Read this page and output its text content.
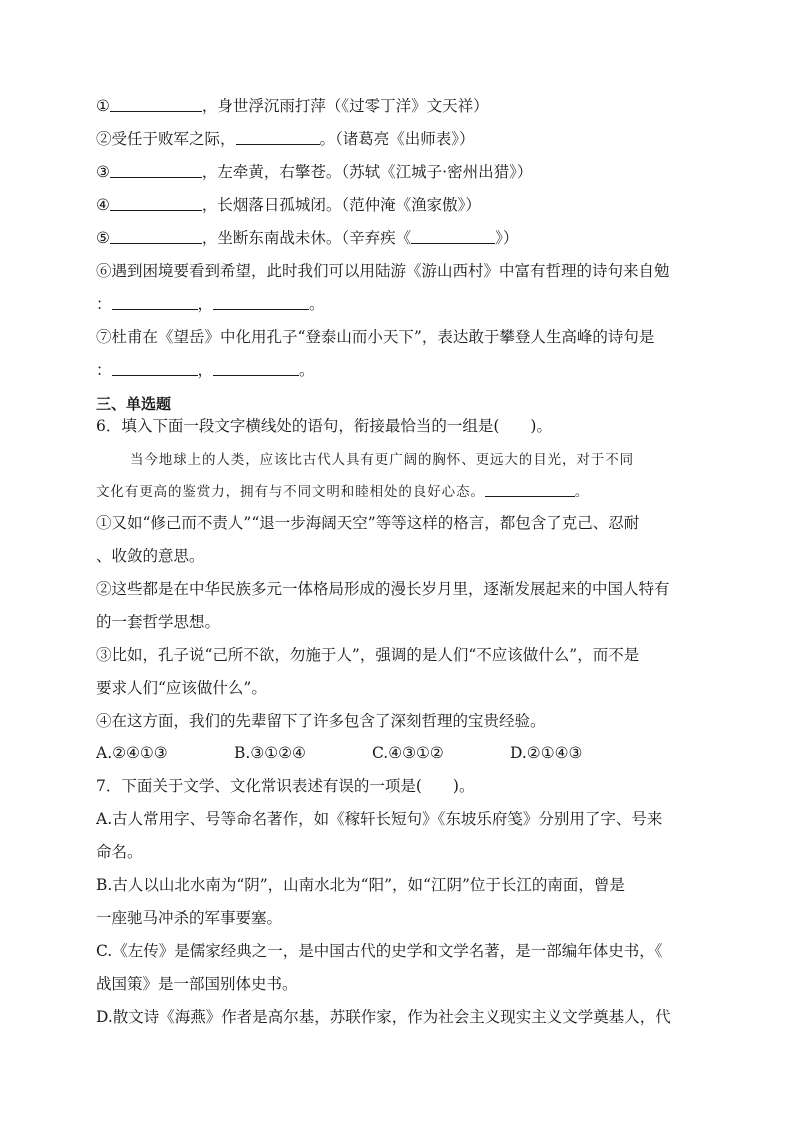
①	，身世浮沉雨打萍（《过零丁洋》文天祥）
②受任于败军之际，	。（诸葛亮《出师表》）
③	，左牵黄，右擎苍。（苏轼《江城子·密州出猎》）
④	，长烟落日孤城闭。（范仲淹《渔家傲》）
⑤	，坐断东南战未休。（辛弃疾《	》）
⑥遇到困境要看到希望，此时我们可以用陆游《游山西村》中富有哲理的诗句来自勉
：	，	。
⑦杜甫在《望岳》中化用孔子“登泰山而小天下”，表达敢于攀登人生高峰的诗句是
：	，	。
三、单选题
6．填入下面一段文字横线处的语句，衔接最恰当的一组是(　　)。
当今地球上的人类，应该比古代人具有更广阔的胸怀、更远大的目光，对于不同
文化有更高的鉴赏力，拥有与不同文明和睦相处的良好心态。	。
①又如“修己而不责人”“退一步海阔天空”等等这样的格言，都包含了克己、忍耐
、收敛的意思。
②这些都是在中华民族多元一体格局形成的漫长岁月里，逐渐发展起来的中国人特有
的一套哲学思想。
③比如，孔子说“己所不欲，勿施于人”，强调的是人们“不应该做什么”，而不是
要求人们“应该做什么”。
④在这方面，我们的先辈留下了许多包含了深刻哲理的宝贵经验。
A.②④①③	B.③①②④	C.④③①②	D.②①④③
7．下面关于文学、文化常识表述有误的一项是(　　)。
A.古人常用字、号等命名著作，如《稼轩长短句》《东坡乐府笺》分别用了字、号来
命名。
B.古人以山北水南为“阴”，山南水北为“阳”，如“江阴”位于长江的南面，曾是
一座驰马冲杀的军事要塞。
C.《左传》是儒家经典之一，是中国古代的史学和文学名著，是一部编年体史书，《
战国策》是一部国别体史书。
D.散文诗《海燕》作者是高尔基，苏联作家，作为社会主义现实主义文学奠基人，代
